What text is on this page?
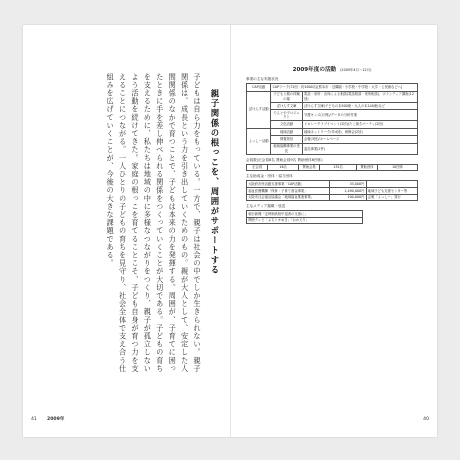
子どもは自ら力をもっている。一方で、親子は社会の中でしか生きられない。親子関係は、成長という力を引き出していくためのもの。親が大人として、安定した人間関係のなかで育つことで、子どもは本来の力を発揮する。周囲が、子育てに困ったときに手を差し伸べられる関係をつくっていくことが大切である。子どもの育ちを支えるために、私たちは地域の中に多様なつながりをつくり、親子が孤立しないよう活動を続けてきた。家庭の根っこを育てることこそ、子ども自身が育つ力を支えることにつながる。一人ひとりの子どもの育ちを見守り、社会全体で支え合う仕組みを広げていくことが、今後の大きな課題である。	親子関係の根っこを、周囲がサポートする
41 2009年
2009年度の活動 (2009年4月〜12月)
事業の主な実施状況
CAP活動	CAPワーク(72回・約1800名)[熊本市・近隣園・小学校・中学校・大学・公民館などへ]	
ぽけんす活動	子どもと親の体験の場	電話・来所・出向による相談(電話相談・来所相談)、ボランティア講座(12回)
	ぽけんす文庫	ぽけんす文庫(子どもの本500冊・大人の本140冊)など
	でんとやプロジェクト	守護キッズ(月例)/データの分析作業
	文化活動	ドロシークラブイベント(2回)/たこ焼きパーティ(2回)
よっしー活動	地域活動	地域ネットワーク(年4回)、研修会(2回)
	情報発信	会報(3回)/ホームページ
	地域協働事業の受託	委託事業(2件)
会員数(正会員8名 賛助会員9名 賛助団体6団体)
正会員	16名	賛助会員	131名	賛助団体	10団体
主な助成金・団体・協力団体
大阪府市民活動支援事業「CAP活動」	33,000円	
福祉医療機構「保育・子育て基金事業」	1,490,000円	地域子ども支援センター等
大阪市社会福祉協議会「地域福祉推進事業」	100,000円	会報「よっしー」発行
主なメディア掲載・放送
朝日新聞「定時制高校中退者の支援に」
関西テレビ「ぷちトキめき」「おかえり」
40
